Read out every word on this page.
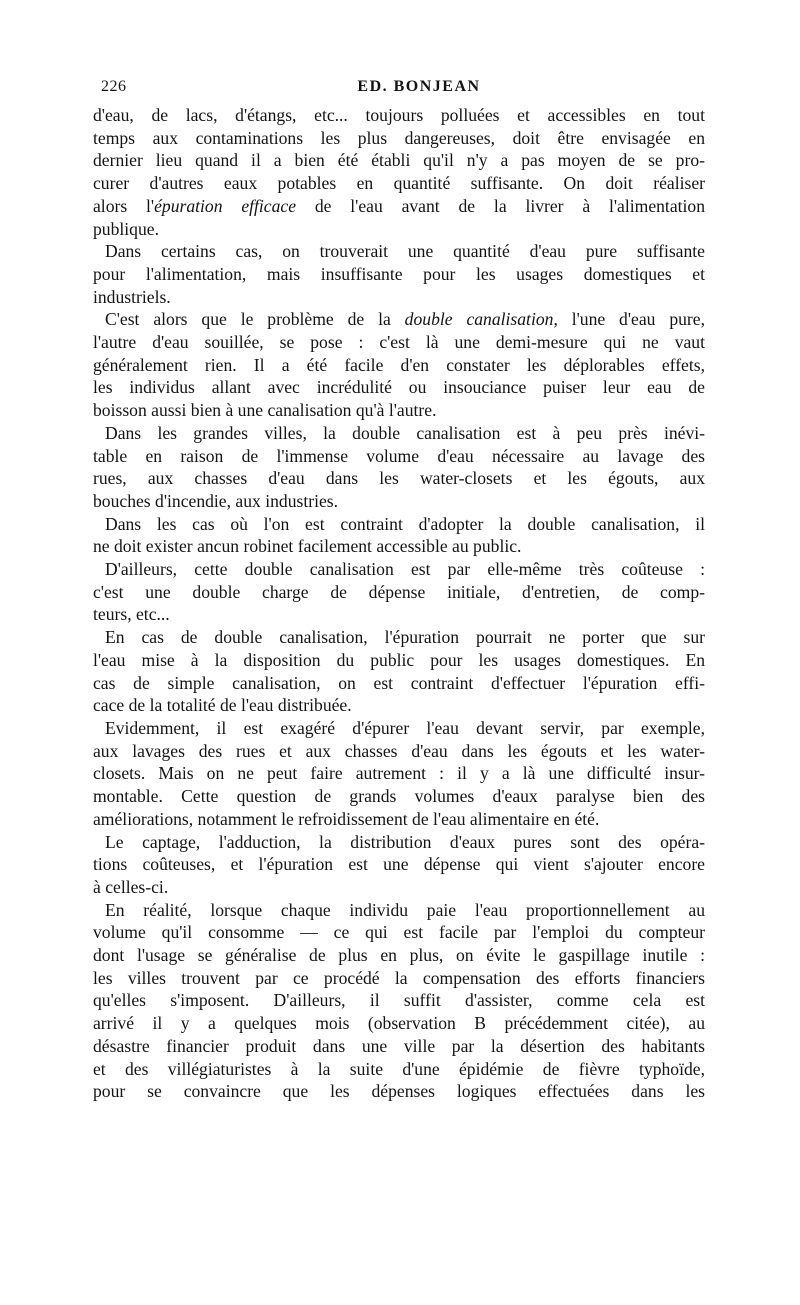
226	ED. BONJEAN

d'eau, de lacs, d'étangs, etc... toujours polluées et accessibles en tout
temps aux contaminations les plus dangereuses, doit être envisagée en
dernier lieu quand il a bien été établi qu'il n'y a pas moyen de se pro-
curer d'autres eaux potables en quantité suffisante. On doit réaliser
alors l'épuration efficace de l'eau avant de la livrer à l'alimentation
publique.

Dans certains cas, on trouverait une quantité d'eau pure suffisante
pour l'alimentation, mais insuffisante pour les usages domestiques et
industriels.

C'est alors que le problème de la double canalisation, l'une d'eau pure,
l'autre d'eau souillée, se pose : c'est là une demi-mesure qui ne vaut
généralement rien. Il a été facile d'en constater les déplorables effets,
les individus allant avec incrédulité ou insouciance puiser leur eau de
boisson aussi bien à une canalisation qu'à l'autre.

Dans les grandes villes, la double canalisation est à peu près inévi-
table en raison de l'immense volume d'eau nécessaire au lavage des
rues, aux chasses d'eau dans les water-closets et les égouts, aux
bouches d'incendie, aux industries.

Dans les cas où l'on est contraint d'adopter la double canalisation, il
ne doit exister ancun robinet facilement accessible au public.

D'ailleurs, cette double canalisation est par elle-même très coûteuse :
c'est une double charge de dépense initiale, d'entretien, de comp-
teurs, etc...

En cas de double canalisation, l'épuration pourrait ne porter que sur
l'eau mise à la disposition du public pour les usages domestiques. En
cas de simple canalisation, on est contraint d'effectuer l'épuration effi-
cace de la totalité de l'eau distribuée.

Evidemment, il est exagéré d'épurer l'eau devant servir, par exemple,
aux lavages des rues et aux chasses d'eau dans les égouts et les water-
closets. Mais on ne peut faire autrement : il y a là une difficulté insur-
montable. Cette question de grands volumes d'eaux paralyse bien des
améliorations, notamment le refroidissement de l'eau alimentaire en été.

Le captage, l'adduction, la distribution d'eaux pures sont des opéra-
tions coûteuses, et l'épuration est une dépense qui vient s'ajouter encore
à celles-ci.

En réalité, lorsque chaque individu paie l'eau proportionnellement au
volume qu'il consomme — ce qui est facile par l'emploi du compteur
dont l'usage se généralise de plus en plus, on évite le gaspillage inutile :
les villes trouvent par ce procédé la compensation des efforts financiers
qu'elles s'imposent. D'ailleurs, il suffit d'assister, comme cela est
arrivé il y a quelques mois (observation B précédemment citée), au
désastre financier produit dans une ville par la désertion des habitants
et des villégiaturistes à la suite d'une épidémie de fièvre typhoïde,
pour se convaincre que les dépenses logiques effectuées dans les
